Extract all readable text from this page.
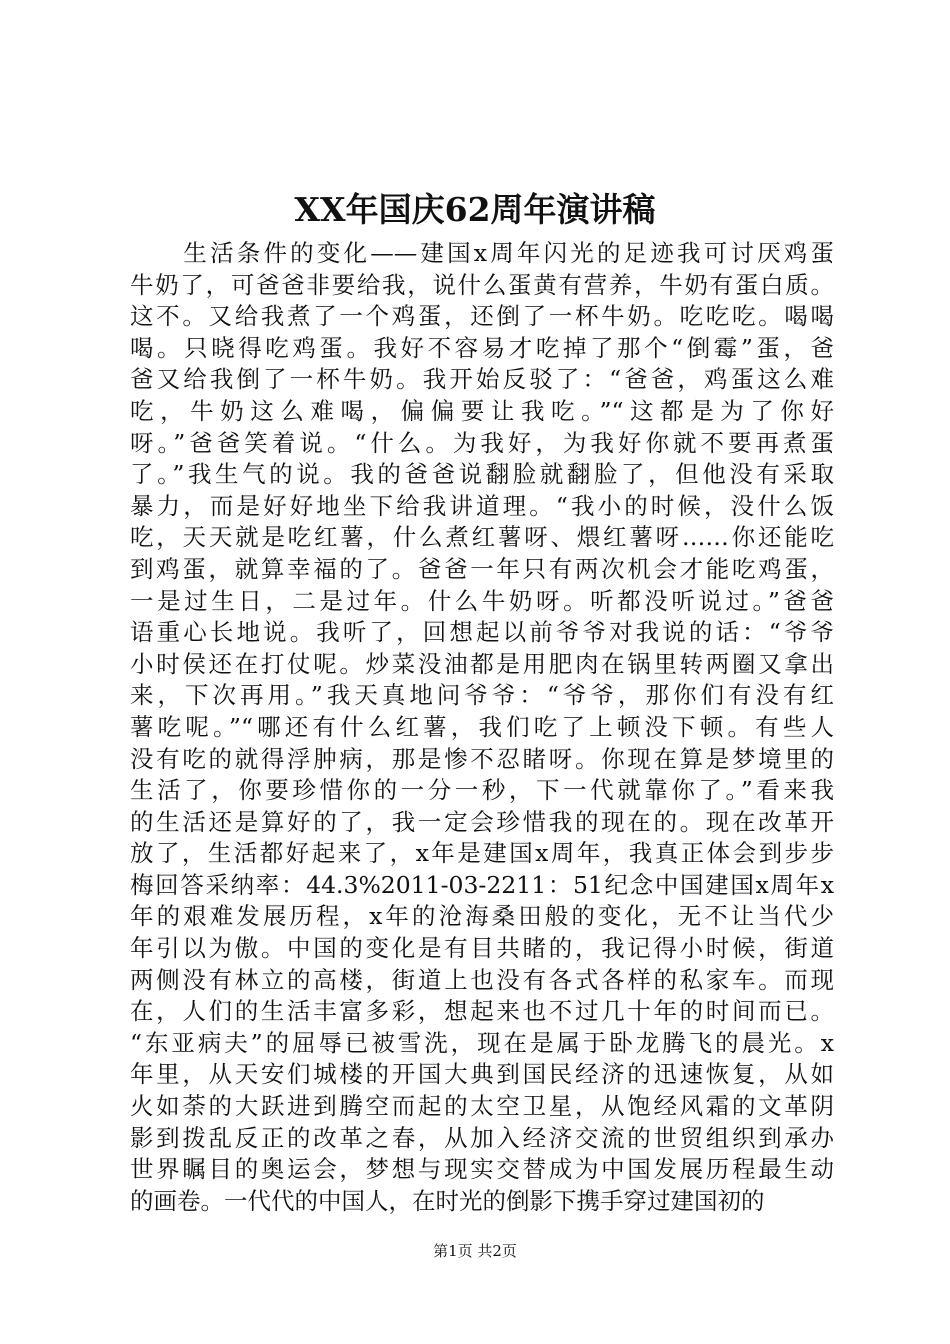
XX年国庆62周年演讲稿
　　生活条件的变化——建国x周年闪光的足迹我可讨厌鸡蛋
牛奶了，可爸爸非要给我，说什么蛋黄有营养，牛奶有蛋白质。
这不。又给我煮了一个鸡蛋，还倒了一杯牛奶。吃吃吃。喝喝
喝。只晓得吃鸡蛋。我好不容易才吃掉了那个“倒霉”蛋，爸
爸又给我倒了一杯牛奶。我开始反驳了：“爸爸，鸡蛋这么难
吃，牛奶这么难喝，偏偏要让我吃。”“这都是为了你好
呀。”爸爸笑着说。“什么。为我好，为我好你就不要再煮蛋
了。”我生气的说。我的爸爸说翻脸就翻脸了，但他没有采取
暴力，而是好好地坐下给我讲道理。“我小的时候，没什么饭
吃，天天就是吃红薯，什么煮红薯呀、煨红薯呀……你还能吃
到鸡蛋，就算幸福的了。爸爸一年只有两次机会才能吃鸡蛋，
一是过生日，二是过年。什么牛奶呀。听都没听说过。”爸爸
语重心长地说。我听了，回想起以前爷爷对我说的话：“爷爷
小时侯还在打仗呢。炒菜没油都是用肥肉在锅里转两圈又拿出
来，下次再用。”我天真地问爷爷：“爷爷，那你们有没有红
薯吃呢。”“哪还有什么红薯，我们吃了上顿没下顿。有些人
没有吃的就得浮肿病，那是惨不忍睹呀。你现在算是梦境里的
生活了，你要珍惜你的一分一秒，下一代就靠你了。”看来我
的生活还是算好的了，我一定会珍惜我的现在的。现在改革开
放了，生活都好起来了，x年是建国x周年，我真正体会到步步
梅回答采纳率：44.3%2011-03-2211：51纪念中国建国x周年x
年的艰难发展历程，x年的沧海桑田般的变化，无不让当代少
年引以为傲。中国的变化是有目共睹的，我记得小时候，街道
两侧没有林立的高楼，街道上也没有各式各样的私家车。而现
在，人们的生活丰富多彩，想起来也不过几十年的时间而已。
“东亚病夫”的屈辱已被雪洗，现在是属于卧龙腾飞的晨光。x
年里，从天安们城楼的开国大典到国民经济的迅速恢复，从如
火如荼的大跃进到腾空而起的太空卫星，从饱经风霜的文革阴
影到拨乱反正的改革之春，从加入经济交流的世贸组织到承办
世界瞩目的奥运会，梦想与现实交替成为中国发展历程最生动
的画卷。一代代的中国人，在时光的倒影下携手穿过建国初的
第1页 共2页
